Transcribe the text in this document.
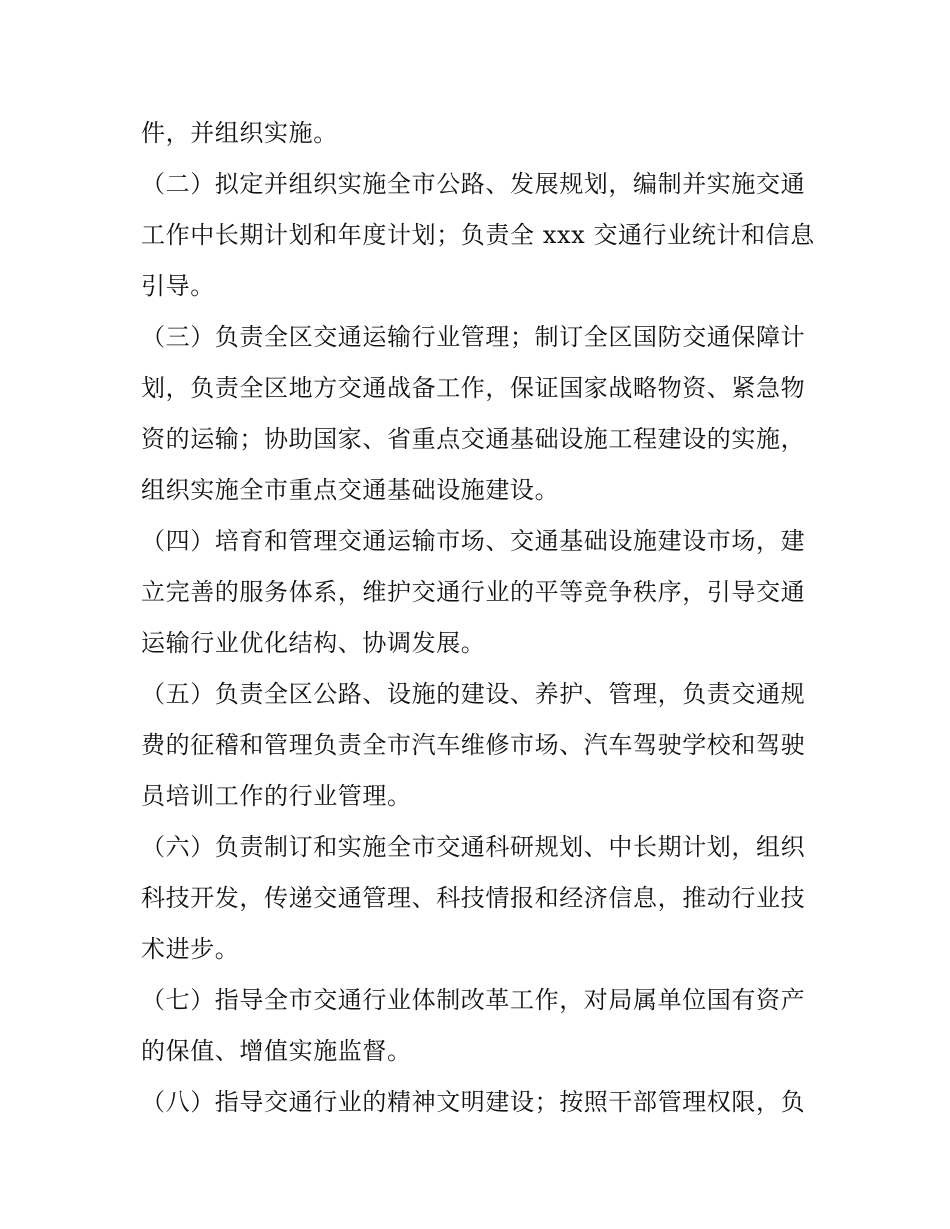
件，并组织实施。
（二）拟定并组织实施全市公路、发展规划，编制并实施交通
工作中长期计划和年度计划；负责全 xxx 交通行业统计和信息
引导。
（三）负责全区交通运输行业管理；制订全区国防交通保障计
划，负责全区地方交通战备工作，保证国家战略物资、紧急物
资的运输；协助国家、省重点交通基础设施工程建设的实施，
组织实施全市重点交通基础设施建设。
（四）培育和管理交通运输市场、交通基础设施建设市场，建
立完善的服务体系，维护交通行业的平等竞争秩序，引导交通
运输行业优化结构、协调发展。
（五）负责全区公路、设施的建设、养护、管理，负责交通规
费的征稽和管理负责全市汽车维修市场、汽车驾驶学校和驾驶
员培训工作的行业管理。
（六）负责制订和实施全市交通科研规划、中长期计划，组织
科技开发，传递交通管理、科技情报和经济信息，推动行业技
术进步。
（七）指导全市交通行业体制改革工作，对局属单位国有资产
的保值、增值实施监督。
（八）指导交通行业的精神文明建设；按照干部管理权限，负
